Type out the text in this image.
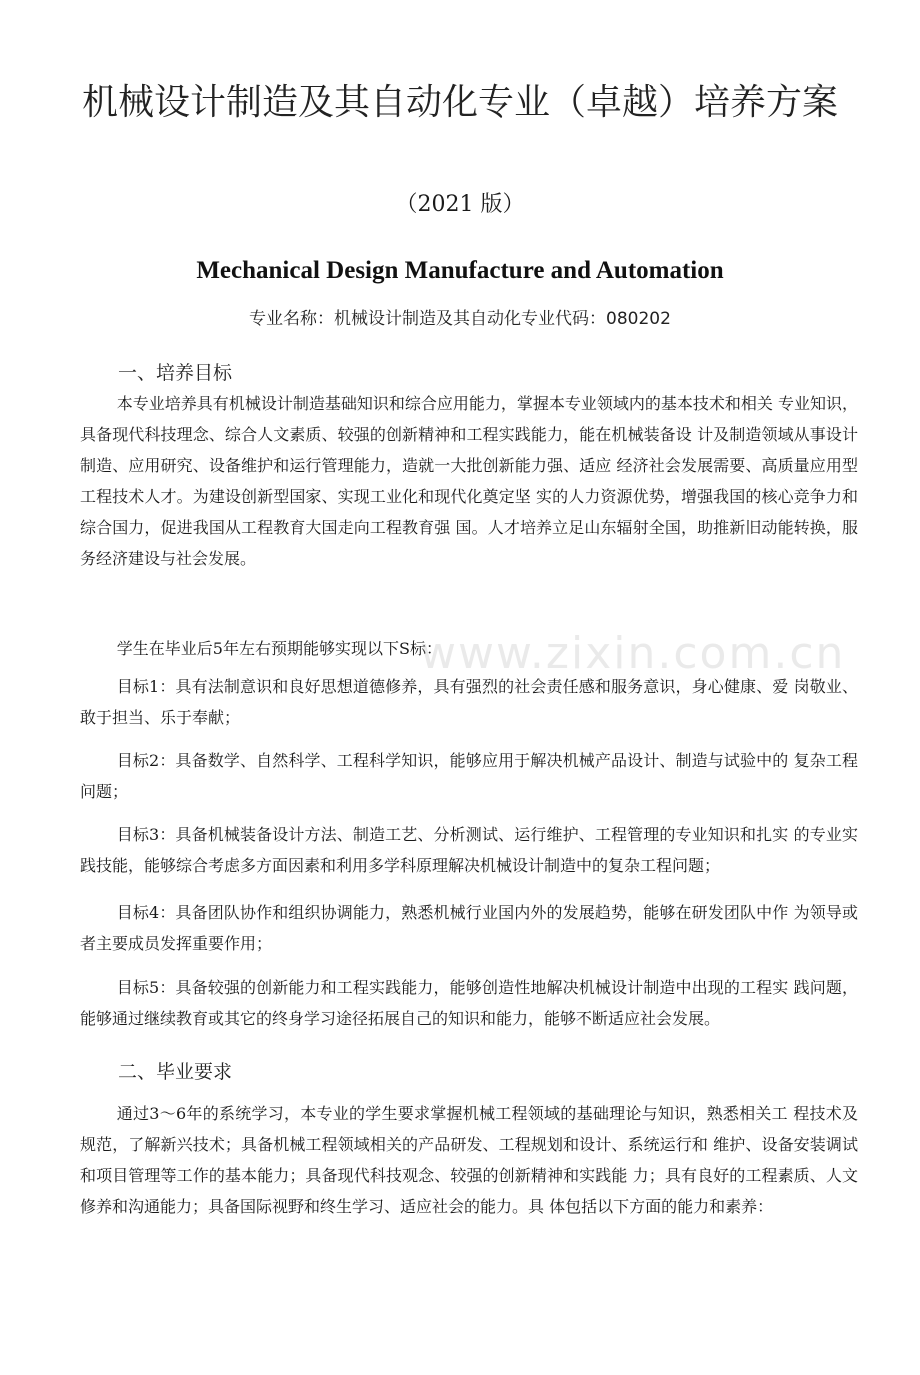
机械设计制造及其自动化专业（卓越）培养方案
（2021 版）
Mechanical Design Manufacture and Automation
专业名称：机械设计制造及其自动化专业代码：080202
一、培养目标

本专业培养具有机械设计制造基础知识和综合应用能力，掌握本专业领域内的基本技术和相关 专业知识，具备现代科技理念、综合人文素质、较强的创新精神和工程实践能力，能在机械装备设 计及制造领域从事设计制造、应用研究、设备维护和运行管理能力，造就一大批创新能力强、适应 经济社会发展需要、高质量应用型工程技术人才。为建设创新型国家、实现工业化和现代化奠定坚 实的人力资源优势，增强我国的核心竞争力和综合国力，促进我国从工程教育大国走向工程教育强 国。人才培养立足山东辐射全国，助推新旧动能转换，服务经济建设与社会发展。

学生在毕业后5年左右预期能够实现以下S标：

目标1：具有法制意识和良好思想道德修养，具有强烈的社会责任感和服务意识，身心健康、爱 岗敬业、敢于担当、乐于奉献；

目标2：具备数学、自然科学、工程科学知识，能够应用于解决机械产品设计、制造与试验中的 复杂工程问题；

目标3：具备机械装备设计方法、制造工艺、分析测试、运行维护、工程管理的专业知识和扎实 的专业实践技能，能够综合考虑多方面因素和利用多学科原理解决机械设计制造中的复杂工程问题；

目标4：具备团队协作和组织协调能力，熟悉机械行业国内外的发展趋势，能够在研发团队中作 为领导或者主要成员发挥重要作用；

目标5：具备较强的创新能力和工程实践能力，能够创造性地解决机械设计制造中出现的工程实 践问题，能够通过继续教育或其它的终身学习途径拓展自己的知识和能力，能够不断适应社会发展。

二、毕业要求

通过3〜6年的系统学习，本专业的学生要求掌握机械工程领域的基础理论与知识，熟悉相关工 程技术及规范，了解新兴技术；具备机械工程领域相关的产品研发、工程规划和设计、系统运行和 维护、设备安装调试和项目管理等工作的基本能力；具备现代科技观念、较强的创新精神和实践能 力；具有良好的工程素质、人文修养和沟通能力；具备国际视野和终生学习、适应社会的能力。具 体包括以下方面的能力和素养：

www.zixin.com.cn
